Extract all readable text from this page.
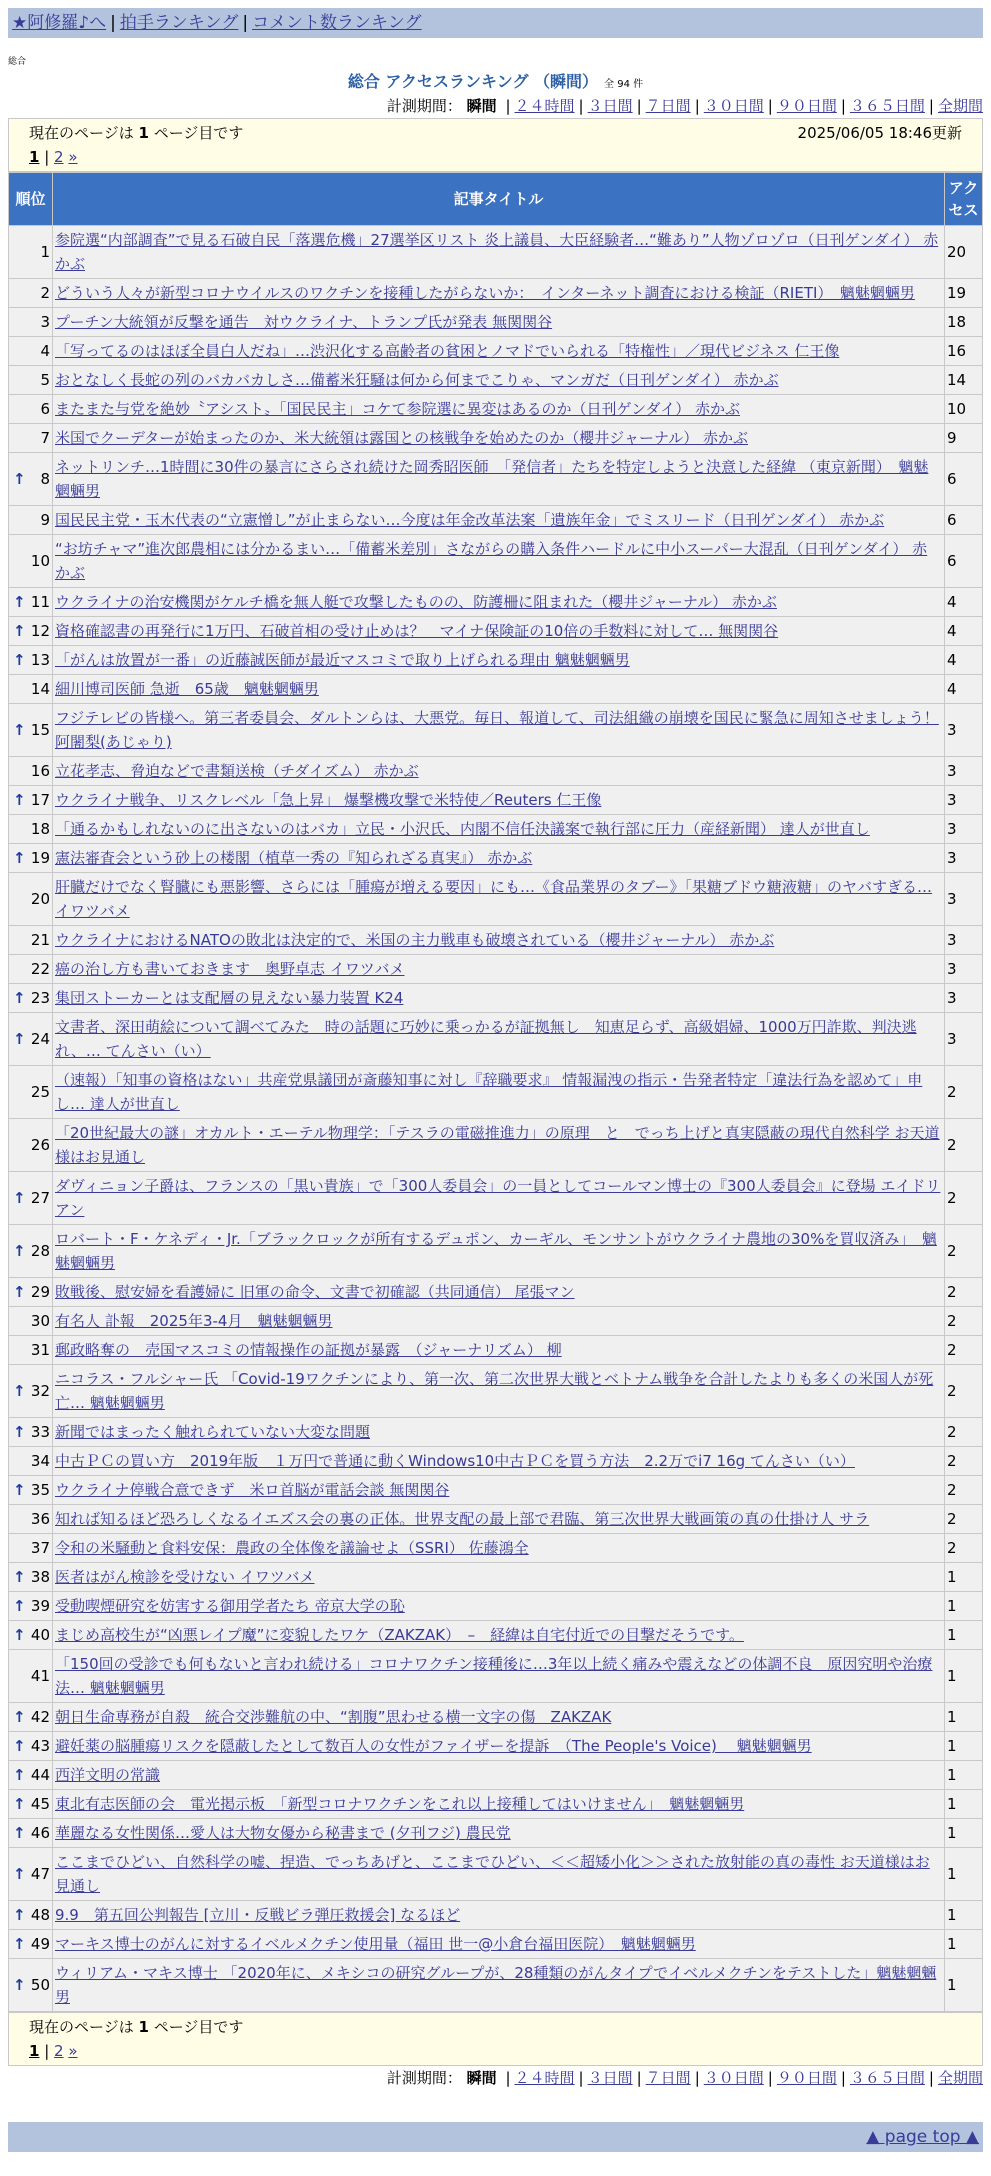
★阿修羅♪へ | 拍手ランキング | コメント数ランキング
総合
総合 アクセスランキング （瞬間） 全 94 件
計測期間： 瞬間 | ２４時間 | ３日間 | ７日間 | ３０日間 | ９０日間 | ３６５日間 | 全期間
現在のページは 1 ページ目です	2025/06/05 18:46更新
1 | 2 »
順位	記事タイトル	アクセス
1	参院選“内部調査”で見る石破自民「落選危機」27選挙区リスト 炎上議員、大臣経験者…“難あり”人物ゾロゾロ（日刊ゲンダイ） 赤かぶ	20
2	どういう人々が新型コロナウイルスのワクチンを接種したがらないか：　インターネット調査における検証（RIETI）　魑魅魍魎男	19
3	プーチン大統領が反撃を通告　対ウクライナ、トランプ氏が発表 無関関谷	18
4	「写ってるのはほぼ全員白人だね」…渋沢化する高齢者の貧困とノマドでいられる「特権性」／現代ビジネス 仁王像	16
5	おとなしく長蛇の列のバカバカしさ…備蓄米狂騒は何から何までこりゃ、マンガだ（日刊ゲンダイ） 赤かぶ	14
6	またまた与党を絶妙〝アシスト〟「国民民主」コケて参院選に異変はあるのか（日刊ゲンダイ） 赤かぶ	10
7	米国でクーデターが始まったのか、米大統領は露国との核戦争を始めたのか（櫻井ジャーナル） 赤かぶ	9

↑ 8	ネットリンチ…1時間に30件の暴言にさらされ続けた岡秀昭医師　「発信者」たちを特定しようと決意した経緯 （東京新聞）　魑魅魍魎男	6
9	国民民主党・玉木代表の“立憲憎し”が止まらない…今度は年金改革法案「遺族年金」でミスリード（日刊ゲンダイ） 赤かぶ	6
10	“お坊チャマ”進次郎農相には分かるまい…「備蓄米差別」さながらの購入条件ハードルに中小スーパー大混乱（日刊ゲンダイ） 赤かぶ	6

↑ 11	ウクライナの治安機関がケルチ橋を無人艇で攻撃したものの、防護柵に阻まれた（櫻井ジャーナル） 赤かぶ	4

↑ 12	資格確認書の再発行に1万円、石破首相の受け止めは？　マイナ保険証の10倍の手数料に対して… 無関関谷	4

↑ 13	「がんは放置が一番」の近藤誠医師が最近マスコミで取り上げられる理由 魑魅魍魎男	4
14	細川博司医師 急逝　65歳　魑魅魍魎男	4

↑ 15	フジテレビの皆様へ。第三者委員会、ダルトンらは、大悪党。毎日、報道して、司法組織の崩壊を国民に緊急に周知させましょう！ 阿闍梨(あじゃり)	3
16	立花孝志、脅迫などで書類送検（チダイズム） 赤かぶ	3

↑ 17	ウクライナ戦争、リスクレベル「急上昇」 爆撃機攻撃で米特使／Reuters 仁王像	3
18	「通るかもしれないのに出さないのはバカ」立民・小沢氏、内閣不信任決議案で執行部に圧力（産経新聞） 達人が世直し	3

↑ 19	憲法審査会という砂上の楼閣（植草一秀の『知られざる真実』） 赤かぶ	3
20	肝臓だけでなく腎臓にも悪影響、さらには「腫瘍が増える要因」にも…《食品業界のタブー》「果糖ブドウ糖液糖」のヤバすぎる… イワツバメ	3
21	ウクライナにおけるNATOの敗北は決定的で、米国の主力戦車も破壊されている（櫻井ジャーナル） 赤かぶ	3
22	癌の治し方も書いておきます　奥野卓志 イワツバメ	3

↑ 23	集団ストーカーとは支配層の見えない暴力装置 K24	3

↑ 24	文書者、深田萌絵について調べてみた　時の話題に巧妙に乗っかるが証拠無し　知恵足らず、高級娼婦、1000万円詐欺、判決逃れ、… てんさい（い）	3
25	（速報）「知事の資格はない」共産党県議団が斎藤知事に対し『辞職要求』 情報漏洩の指示・告発者特定「違法行為を認めて」申し… 達人が世直し	2
26	「20世紀最大の謎」オカルト・エーテル物理学：「テスラの電磁推進力」の原理　と　でっち上げと真実隠蔽の現代自然科学 お天道様はお見通し	2

↑ 27	ダヴィニョン子爵は、フランスの「黒い貴族」で「300人委員会」の一員としてコールマン博士の『300人委員会』に登場 エイドリアン	2

↑ 28	ロバート・F・ケネディ・Jr.「ブラックロックが所有するデュポン、カーギル、モンサントがウクライナ農地の30%を買収済み」　魑魅魍魎男	2

↑ 29	敗戦後、慰安婦を看護婦に 旧軍の命令、文書で初確認（共同通信） 尾張マン	2
30	有名人 訃報　2025年3-4月　魑魅魍魎男	2
31	郵政略奪の　売国マスコミの情報操作の証拠が暴露　（ジャーナリズム） 柳	2

↑ 32	ニコラス・フルシャー氏 「Covid-19ワクチンにより、第一次、第二次世界大戦とベトナム戦争を合計したよりも多くの米国人が死亡… 魑魅魍魎男	2

↑ 33	新聞ではまったく触れられていない大変な問題	2
34	中古ＰＣの買い方　2019年版　１万円で普通に動くWindows10中古ＰＣを買う方法　2.2万でi7 16g てんさい（い）	2

↑ 35	ウクライナ停戦合意できず　米ロ首脳が電話会談 無関関谷	2
36	知れば知るほど恐ろしくなるイエズス会の裏の正体。世界支配の最上部で君臨、第三次世界大戦画策の真の仕掛け人 サラ	2
37	令和の米騒動と食料安保：農政の全体像を議論せよ（SSRI） 佐藤鴻全	2

↑ 38	医者はがん検診を受けない イワツバメ	1

↑ 39	受動喫煙研究を妨害する御用学者たち 帝京大学の恥	1

↑ 40	まじめ高校生が“凶悪レイプ魔”に変貌したワケ（ZAKZAK）　–　経緯は自宅付近での目撃だそうです。	1
41	「150回の受診でも何もないと言われ続ける」コロナワクチン接種後に…3年以上続く痛みや震えなどの体調不良　原因究明や治療法… 魑魅魍魎男	1

↑ 42	朝日生命専務が自殺　統合交渉難航の中、“割腹”思わせる横一文字の傷　ZAKZAK	1

↑ 43	避妊薬の脳腫瘍リスクを隠蔽したとして数百人の女性がファイザーを提訴　（The People's Voice)　 魑魅魍魎男	1

↑ 44	西洋文明の常識	1

↑ 45	東北有志医師の会　電光掲示板　「新型コロナワクチンをこれ以上接種してはいけません」　魑魅魍魎男	1

↑ 46	華麗なる女性関係…愛人は大物女優から秘書まで (夕刊フジ) 農民党	1

↑ 47	ここまでひどい、自然科学の嘘、捏造、でっちあげと、ここまでひどい、＜＜超矮小化＞＞された放射能の真の毒性 お天道様はお見通し	1

↑ 48	9.9　第五回公判報告 [立川・反戦ビラ弾圧救援会] なるほど	1

↑ 49	マーキス博士のがんに対するイベルメクチン使用量（福田 世一@小倉台福田医院）　魑魅魍魎男	1

↑ 50	ウィリアム・マキス博士 「2020年に、メキシコの研究グループが、28種類のがんタイプでイベルメクチンをテストした」魑魅魍魎男	1
現在のページは 1 ページ目です
1 | 2 »
計測期間： 瞬間 | ２４時間 | ３日間 | ７日間 | ３０日間 | ９０日間 | ３６５日間 | 全期間
▲ page top ▲
